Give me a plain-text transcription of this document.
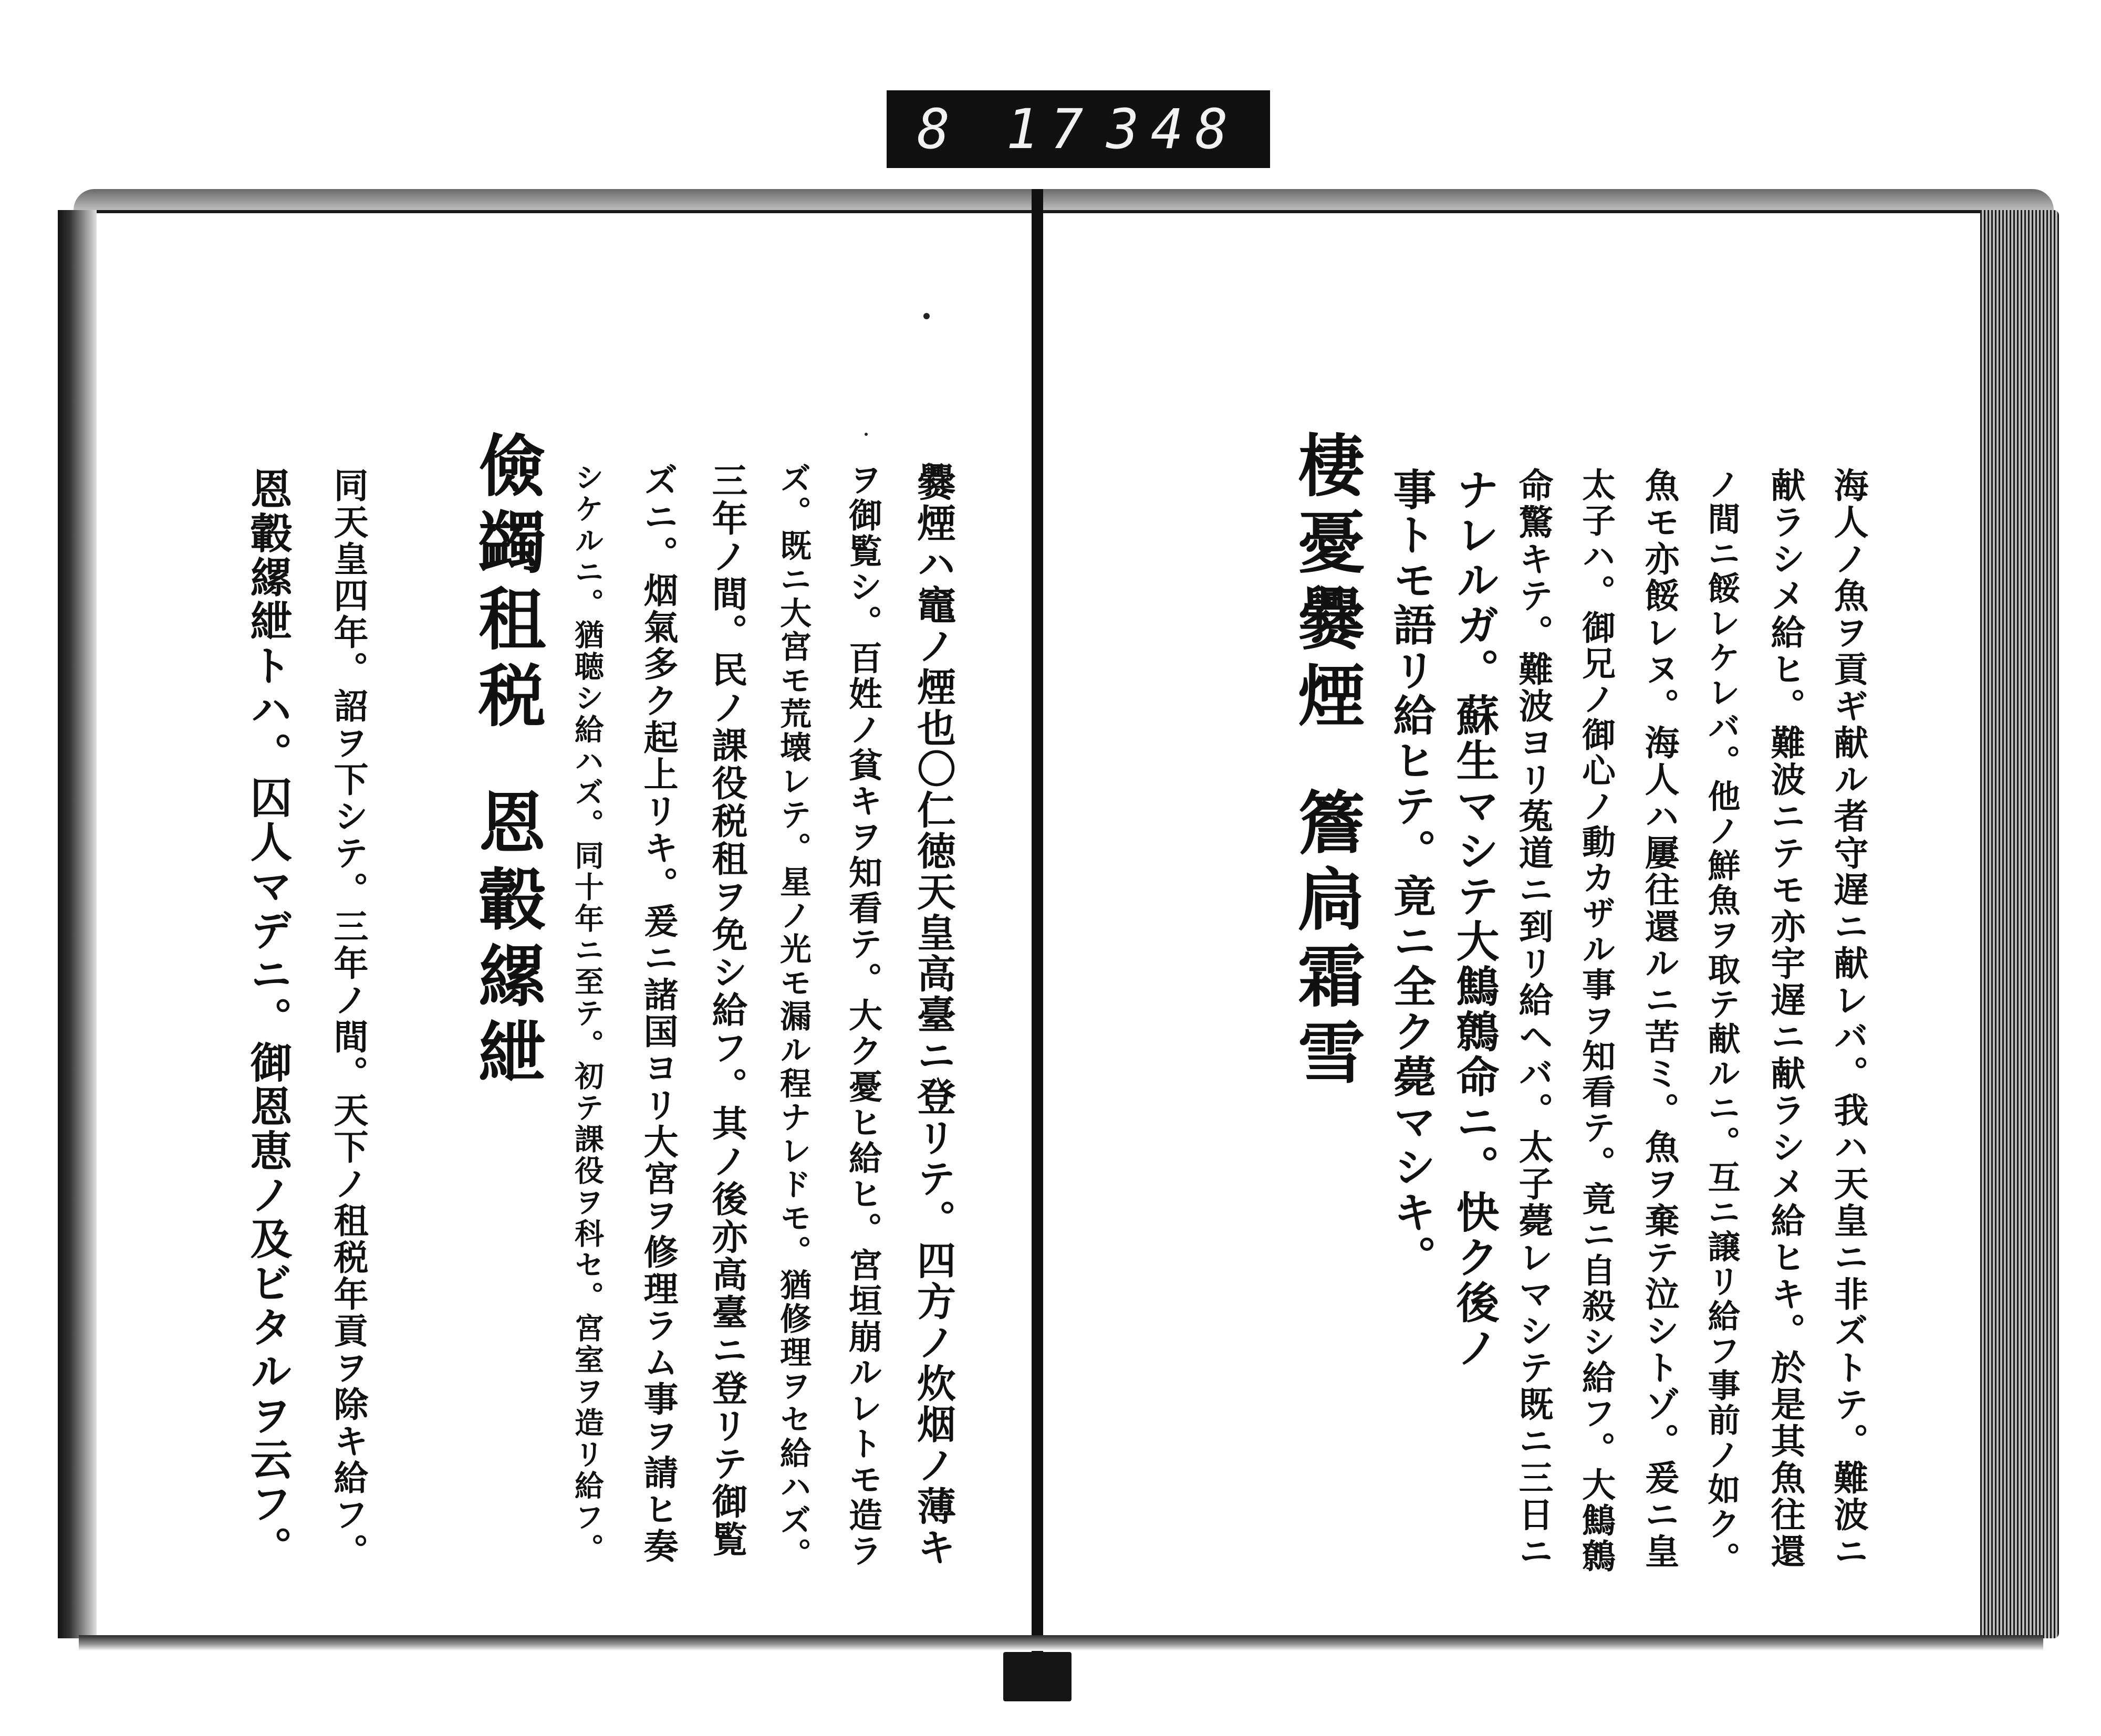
8 17 348
海人ノ魚ヲ貢ギ献ル者守遅ニ献レバ。我ハ天皇ニ非ズトテ。難波ニ
献ラシメ給ヒ。難波ニテモ亦宇遅ニ献ラシメ給ヒキ。於是其魚往還
ノ間ニ餒レケレバ。他ノ鮮魚ヲ取テ献ルニ。互ニ譲リ給フ事前ノ如ク。
魚モ亦餒レヌ。海人ハ屢往還ルニ苦ミ。魚ヲ棄テ泣シトゾ。爰ニ皇
太子ハ。御兄ノ御心ノ動カザル事ヲ知看テ。竟ニ自殺シ給フ。大鷦鷯
命驚キテ。難波ヨリ菟道ニ到リ給ヘバ。太子薨レマシテ既ニ三日ニ
ナレルガ。蘇生マシテ大鷦鷯命ニ。快ク後ノ
事トモ語リ給ヒテ。竟ニ全ク薨マシキ。
棲憂爨煙
簷扃霜雪
爨煙ハ竈ノ煙也〇仁徳天皇高臺ニ登リテ。四方ノ炊烟ノ薄キ
ヲ御覧シ。百姓ノ貧キヲ知看テ。大ク憂ヒ給ヒ。宮垣崩ルレトモ造ラ
ズ。既ニ大宮モ荒壊レテ。星ノ光モ漏ル程ナレドモ。猶修理ヲセ給ハズ。
三年ノ間。民ノ課役税租ヲ免シ給フ。其ノ後亦高臺ニ登リテ御覧
ズニ。烟氣多ク起上リキ。爰ニ諸国ヨリ大宮ヲ修理ラム事ヲ請ヒ奏
シケルニ。猶聴シ給ハズ。同十年ニ至テ。初テ課役ヲ科セ。宮室ヲ造リ給フ。
儉蠲租税
恩轂縲紲
同天皇四年。詔ヲ下シテ。三年ノ間。天下ノ租税年貢ヲ除キ給フ。
恩轂縲紲トハ。囚人マデニ。御恩恵ノ及ビタルヲ云フ。
